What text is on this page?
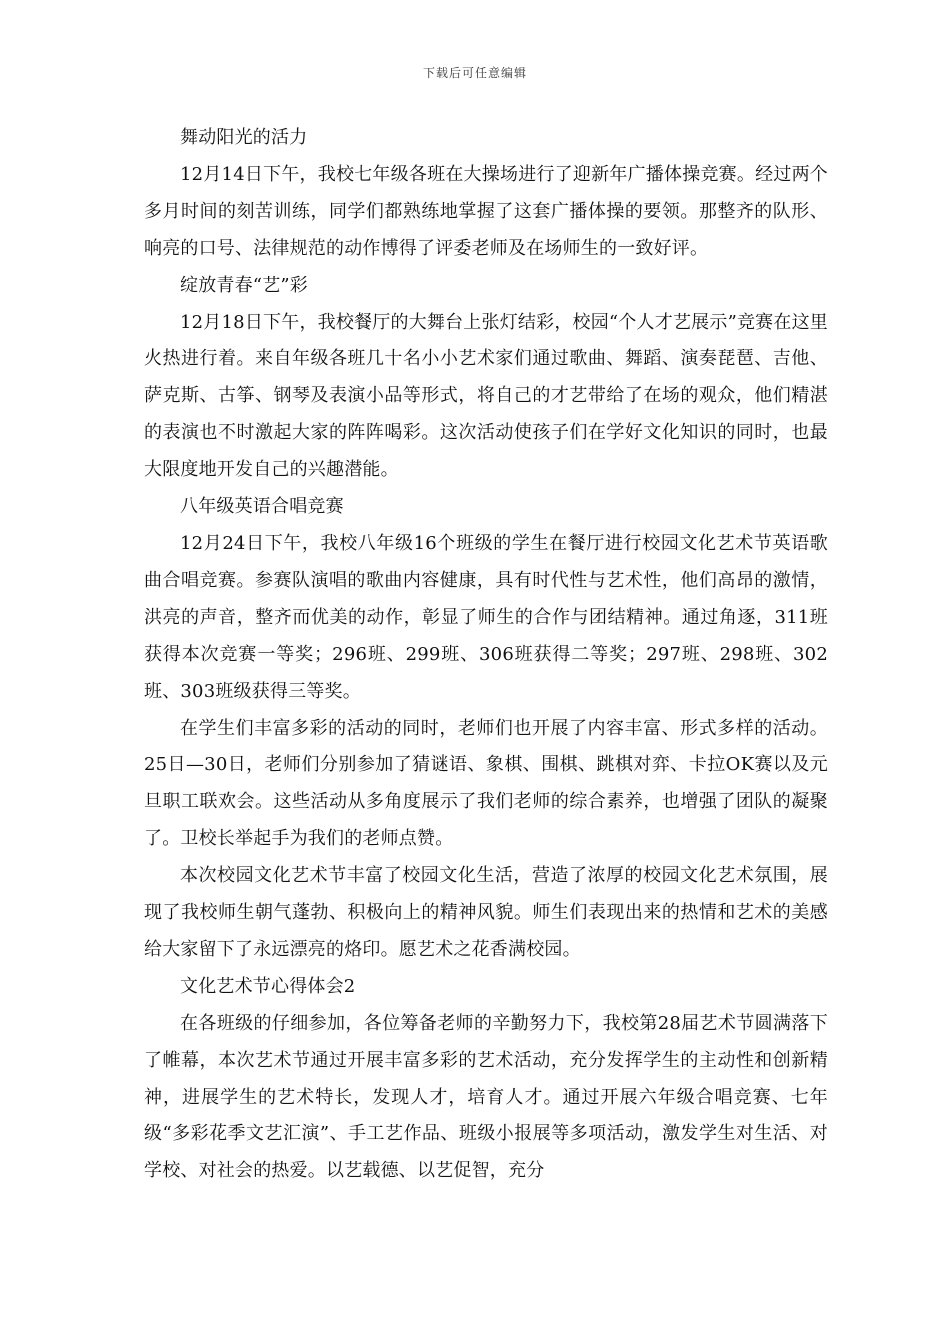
下载后可任意编辑

舞动阳光的活力

12月14日下午，我校七年级各班在大操场进行了迎新年广播体操竞赛。经过两个多月时间的刻苦训练，同学们都熟练地掌握了这套广播体操的要领。那整齐的队形、响亮的口号、法律规范的动作博得了评委老师及在场师生的一致好评。

绽放青春“艺”彩

12月18日下午，我校餐厅的大舞台上张灯结彩，校园“个人才艺展示”竞赛在这里火热进行着。来自年级各班几十名小小艺术家们通过歌曲、舞蹈、演奏琵琶、吉他、萨克斯、古筝、钢琴及表演小品等形式，将自己的才艺带给了在场的观众，他们精湛的表演也不时激起大家的阵阵喝彩。这次活动使孩子们在学好文化知识的同时，也最大限度地开发自己的兴趣潜能。

八年级英语合唱竞赛

12月24日下午，我校八年级16个班级的学生在餐厅进行校园文化艺术节英语歌曲合唱竞赛。参赛队演唱的歌曲内容健康，具有时代性与艺术性，他们高昂的激情，洪亮的声音，整齐而优美的动作，彰显了师生的合作与团结精神。通过角逐，311班获得本次竞赛一等奖；296班、299班、306班获得二等奖；297班、298班、302班、303班级获得三等奖。

在学生们丰富多彩的活动的同时，老师们也开展了内容丰富、形式多样的活动。25日—30日，老师们分别参加了猜谜语、象棋、围棋、跳棋对弈、卡拉OK赛以及元旦职工联欢会。这些活动从多角度展示了我们老师的综合素养，也增强了团队的凝聚了。卫校长举起手为我们的老师点赞。

本次校园文化艺术节丰富了校园文化生活，营造了浓厚的校园文化艺术氛围，展现了我校师生朝气蓬勃、积极向上的精神风貌。师生们表现出来的热情和艺术的美感给大家留下了永远漂亮的烙印。愿艺术之花香满校园。

文化艺术节心得体会2

在各班级的仔细参加，各位筹备老师的辛勤努力下，我校第28届艺术节圆满落下了帷幕，本次艺术节通过开展丰富多彩的艺术活动，充分发挥学生的主动性和创新精神，进展学生的艺术特长，发现人才，培育人才。通过开展六年级合唱竞赛、七年级“多彩花季文艺汇演”、手工艺作品、班级小报展等多项活动，激发学生对生活、对学校、对社会的热爱。以艺载德、以艺促智，充分
